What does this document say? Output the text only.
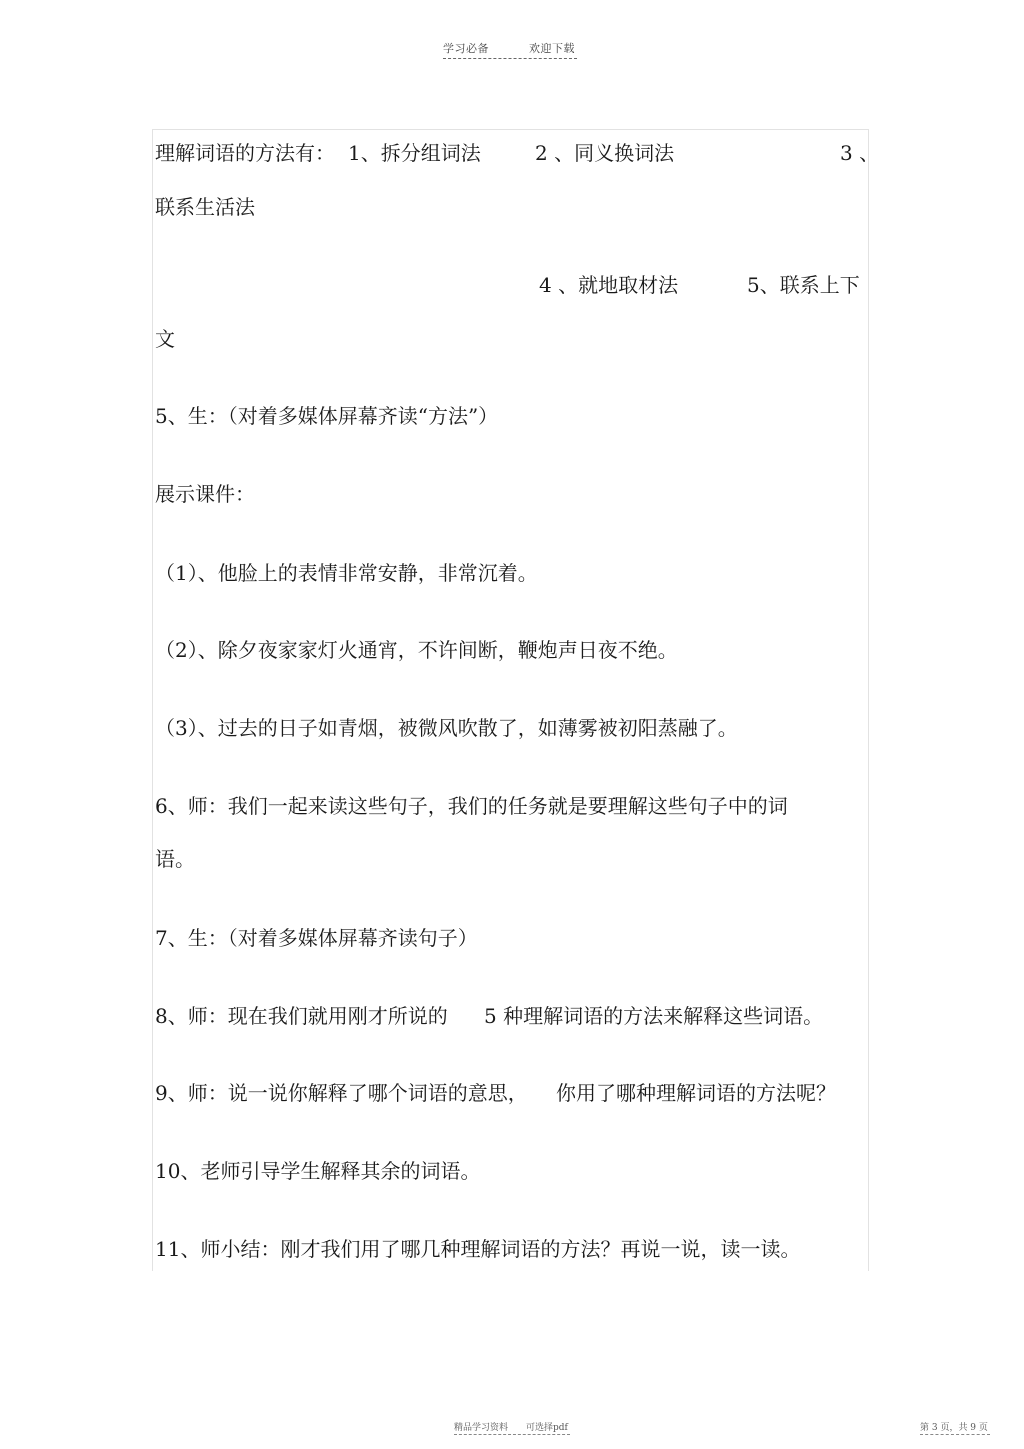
学习必备	欢迎下载
理解词语的方法有： 1、拆分组词法	2 、同义换词法	3 、
联系生活法
4 、就地取材法	5、联系上下
文

5、生：（对着多媒体屏幕齐读“方法”）

展示课件：

（1）、他脸上的表情非常安静，非常沉着。

（2）、除夕夜家家灯火通宵，不许间断，鞭炮声日夜不绝。

（3）、过去的日子如青烟，被微风吹散了，如薄雾被初阳蒸融了。

6、师：我们一起来读这些句子，我们的任务就是要理解这些句子中的词

语。

7、生：（对着多媒体屏幕齐读句子）

8、师：现在我们就用刚才所说的 5 种理解词语的方法来解释这些词语。
9、师：说一说你解释了哪个词语的意思， 你用了哪种理解词语的方法呢？

10、老师引导学生解释其余的词语。

11、师小结：刚才我们用了哪几种理解词语的方法？再说一说，读一读。

精品学习资料　　可选择pdf	第 3 页，共 9 页
